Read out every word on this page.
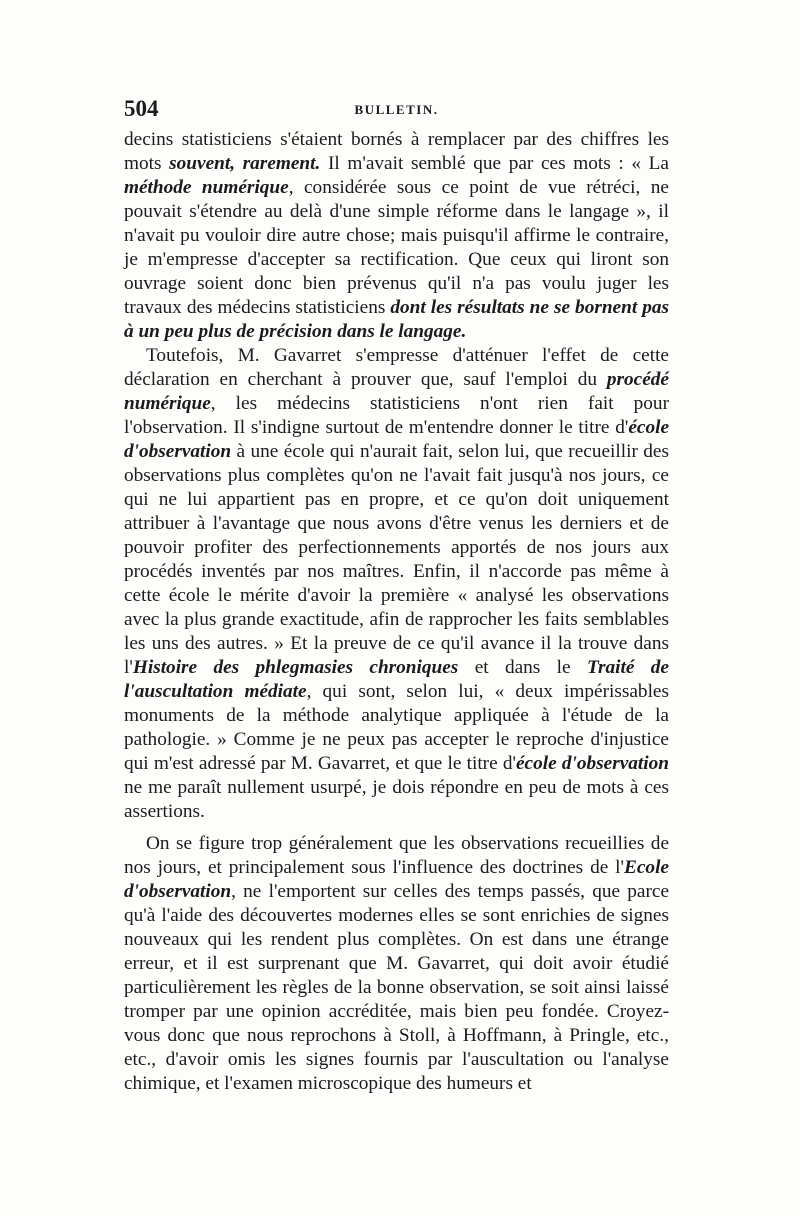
504	BULLETIN.

decins statisticiens s'étaient bornés à remplacer par des chiffres les mots souvent, rarement. Il m'avait semblé que par ces mots : « La méthode numérique, considérée sous ce point de vue rétréci, ne pouvait s'étendre au delà d'une simple réforme dans le langage », il n'avait pu vouloir dire autre chose; mais puisqu'il affirme le contraire, je m'empresse d'accepter sa rectification. Que ceux qui liront son ouvrage soient donc bien prévenus qu'il n'a pas voulu juger les travaux des médecins statisticiens dont les résultats ne se bornent pas à un peu plus de précision dans le langage.

Toutefois, M. Gavarret s'empresse d'atténuer l'effet de cette déclaration en cherchant à prouver que, sauf l'emploi du procédé numérique, les médecins statisticiens n'ont rien fait pour l'observation. Il s'indigne surtout de m'entendre donner le titre d'école d'observation à une école qui n'aurait fait, selon lui, que recueillir des observations plus complètes qu'on ne l'avait fait jusqu'à nos jours, ce qui ne lui appartient pas en propre, et ce qu'on doit uniquement attribuer à l'avantage que nous avons d'être venus les derniers et de pouvoir profiter des perfectionnements apportés de nos jours aux procédés inventés par nos maîtres. Enfin, il n'accorde pas même à cette école le mérite d'avoir la première « analysé les observations avec la plus grande exactitude, afin de rapprocher les faits semblables les uns des autres. » Et la preuve de ce qu'il avance il la trouve dans l'Histoire des phlegmasies chroniques et dans le Traité de l'auscultation médiate, qui sont, selon lui, « deux impérissables monuments de la méthode analytique appliquée à l'étude de la pathologie. » Comme je ne peux pas accepter le reproche d'injustice qui m'est adressé par M. Gavarret, et que le titre d'école d'observation ne me paraît nullement usurpé, je dois répondre en peu de mots à ces assertions.

On se figure trop généralement que les observations recueillies de nos jours, et principalement sous l'influence des doctrines de l'Ecole d'observation, ne l'emportent sur celles des temps passés, que parce qu'à l'aide des découvertes modernes elles se sont enrichies de signes nouveaux qui les rendent plus complètes. On est dans une étrange erreur, et il est surprenant que M. Gavarret, qui doit avoir étudié particulièrement les règles de la bonne observation, se soit ainsi laissé tromper par une opinion accréditée, mais bien peu fondée. Croyez-vous donc que nous reprochons à Stoll, à Hoffmann, à Pringle, etc., etc., d'avoir omis les signes fournis par l'auscultation ou l'analyse chimique, et l'examen microscopique des humeurs et
